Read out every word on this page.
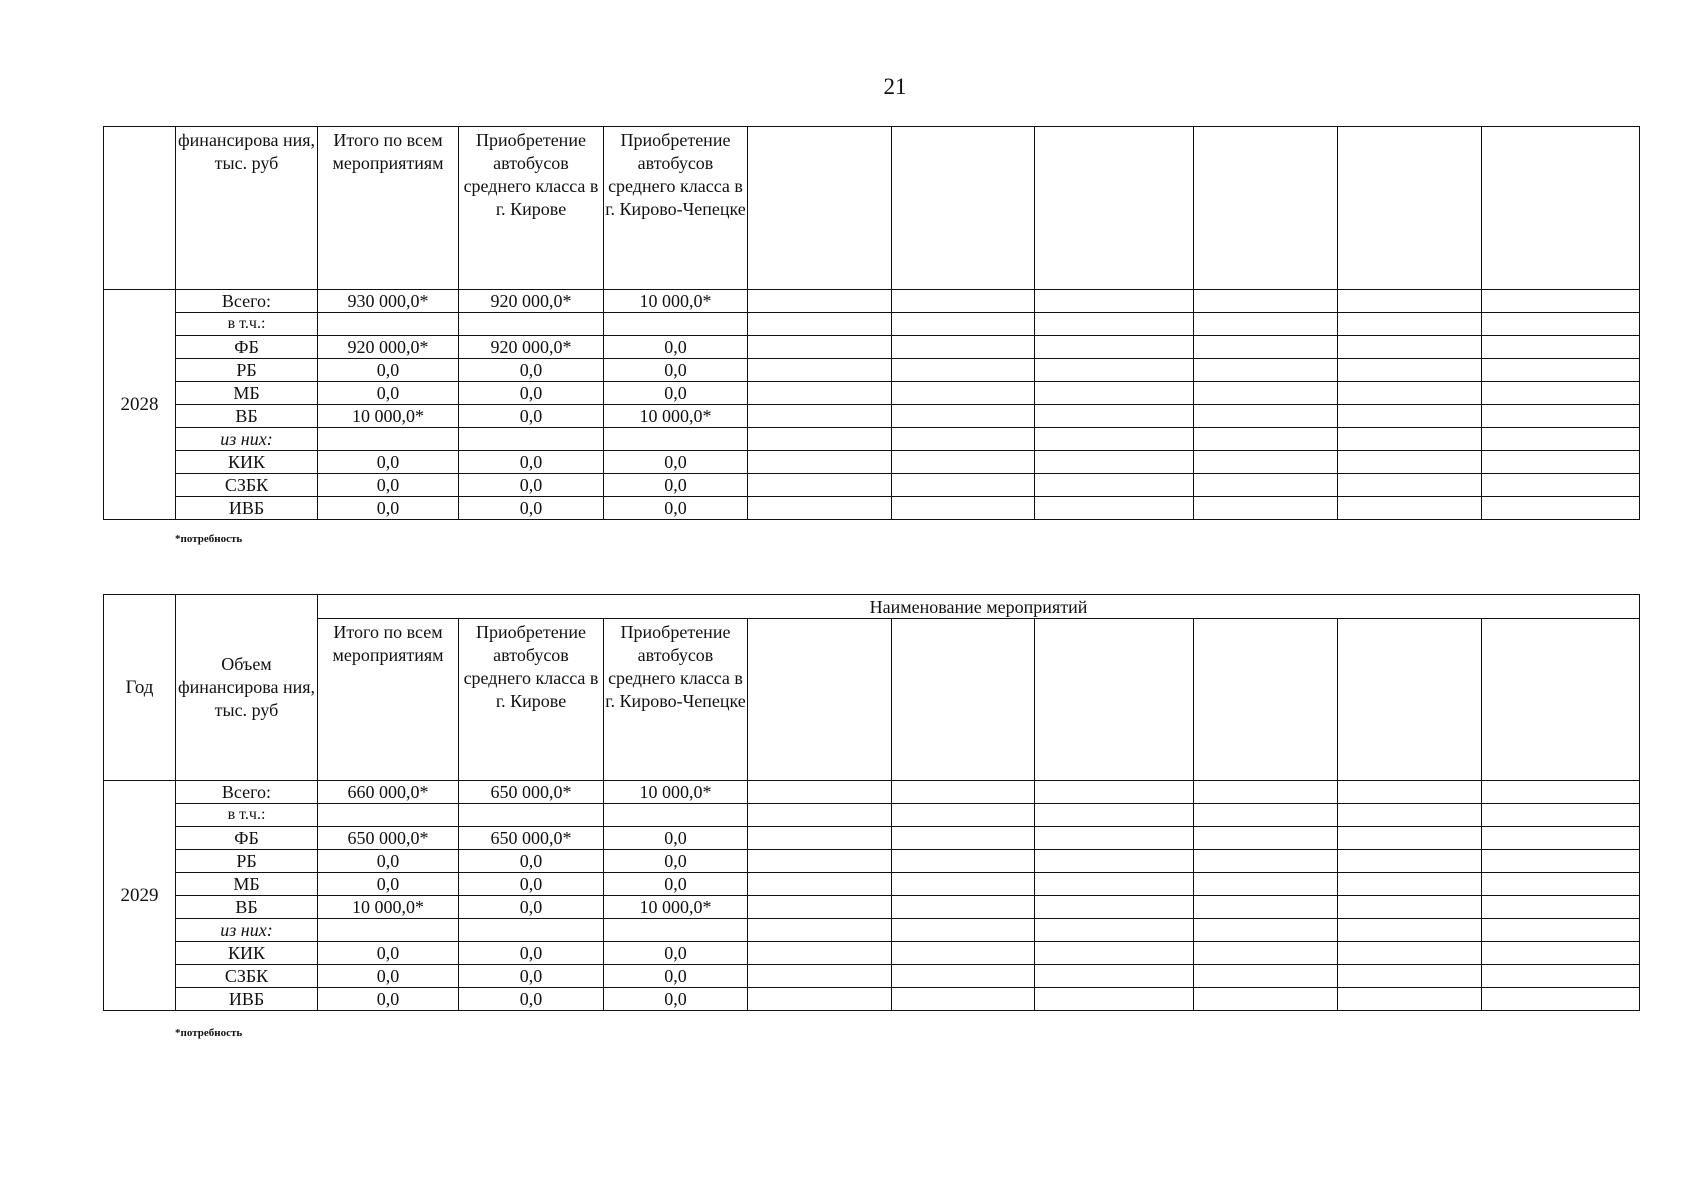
21
	финансирова ния, тыс. руб	Итого по всем мероприятиям	Приобретение автобусов среднего класса в г. Кирове	Приобретение автобусов среднего класса в г. Кирово-Чепецке						
2028	Всего:	930 000,0*	920 000,0*	10 000,0*						
	в т.ч.:									
	ФБ	920 000,0*	920 000,0*	0,0						
	РБ	0,0	0,0	0,0						
	МБ	0,0	0,0	0,0						
	ВБ	10 000,0*	0,0	10 000,0*						
	из них:									
	КИК	0,0	0,0	0,0						
	СЗБК	0,0	0,0	0,0						
	ИВБ	0,0	0,0	0,0						
*потребность
Год	Объем финансирова ния, тыс. руб	Наименование мероприятий								
		Итого по всем мероприятиям	Приобретение автобусов среднего класса в г. Кирове	Приобретение автобусов среднего класса в г. Кирово-Чепецке						
2029	Всего:	660 000,0*	650 000,0*	10 000,0*						
	в т.ч.:									
	ФБ	650 000,0*	650 000,0*	0,0						
	РБ	0,0	0,0	0,0						
	МБ	0,0	0,0	0,0						
	ВБ	10 000,0*	0,0	10 000,0*						
	из них:									
	КИК	0,0	0,0	0,0						
	СЗБК	0,0	0,0	0,0						
	ИВБ	0,0	0,0	0,0						
*потребность
